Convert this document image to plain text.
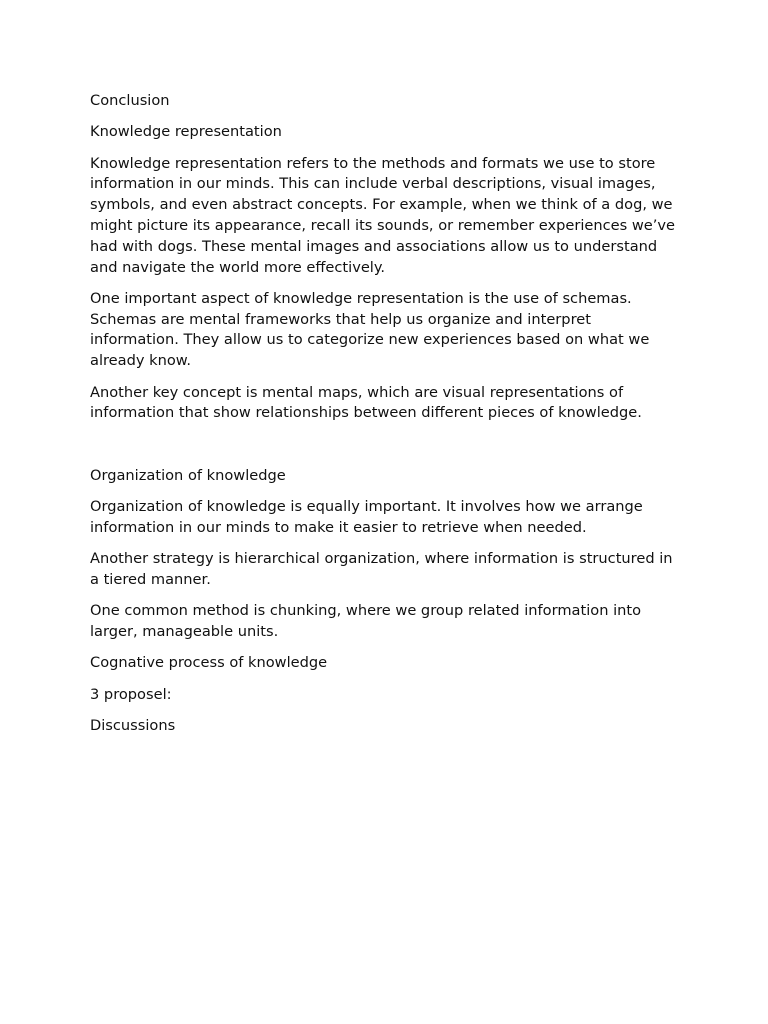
Conclusion

Knowledge representation

Knowledge representation refers to the methods and formats we use to store information in our minds. This can include verbal descriptions, visual images, symbols, and even abstract concepts. For example, when we think of a dog, we might picture its appearance, recall its sounds, or remember experiences we’ve had with dogs. These mental images and associations allow us to understand and navigate the world more effectively.

One important aspect of knowledge representation is the use of schemas. Schemas are mental frameworks that help us organize and interpret information. They allow us to categorize new experiences based on what we already know.

Another key concept is mental maps, which are visual representations of information that show relationships between different pieces of knowledge.

Organization of knowledge

Organization of knowledge is equally important. It involves how we arrange information in our minds to make it easier to retrieve when needed.

Another strategy is hierarchical organization, where information is structured in a tiered manner.

One common method is chunking, where we group related information into larger, manageable units.

Cognative process of knowledge

3 proposel:

Discussions
